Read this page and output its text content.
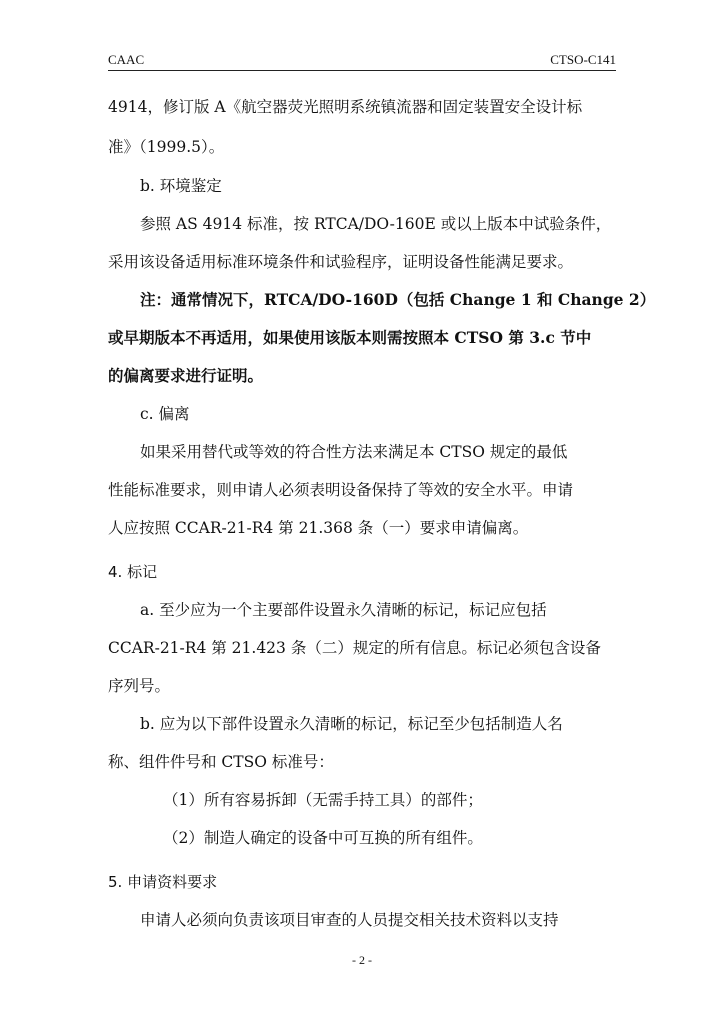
CAAC	CTSO-C141
4914，修订版 A《航空器荧光照明系统镇流器和固定装置安全设计标
准》（1999.5）。
b. 环境鉴定
参照 AS 4914 标准，按 RTCA/DO-160E 或以上版本中试验条件，
采用该设备适用标准环境条件和试验程序，证明设备性能满足要求。
注：通常情况下，RTCA/DO-160D（包括 Change 1 和 Change 2）
或早期版本不再适用，如果使用该版本则需按照本 CTSO 第 3.c 节中
的偏离要求进行证明。
c. 偏离
如果采用替代或等效的符合性方法来满足本 CTSO 规定的最低
性能标准要求，则申请人必须表明设备保持了等效的安全水平。申请
人应按照 CCAR-21-R4 第 21.368 条（一）要求申请偏离。
4. 标记
a. 至少应为一个主要部件设置永久清晰的标记，标记应包括
CCAR-21-R4 第 21.423 条（二）规定的所有信息。标记必须包含设备
序列号。
b. 应为以下部件设置永久清晰的标记，标记至少包括制造人名
称、组件件号和 CTSO 标准号：
（1）所有容易拆卸（无需手持工具）的部件；
（2）制造人确定的设备中可互换的所有组件。
5. 申请资料要求
申请人必须向负责该项目审查的人员提交相关技术资料以支持
- 2 -
